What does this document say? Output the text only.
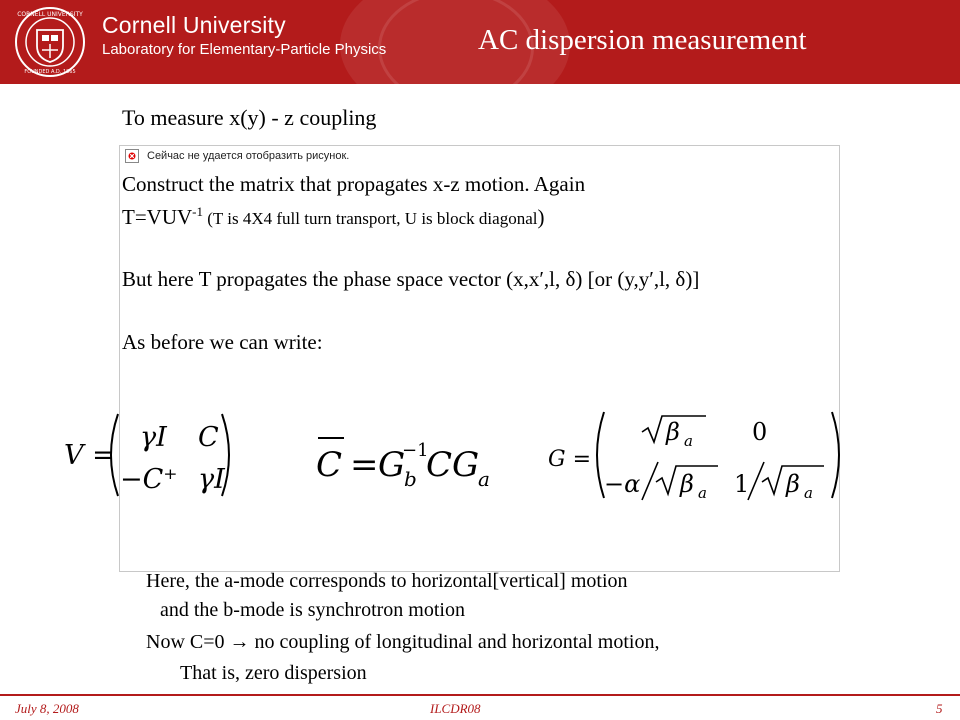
CORNELL UNIVERSITY
FOUNDED A.D. 1865
Cornell University
Laboratory for Elementary-Particle Physics	AC dispersion measurement
To measure x(y) - z coupling
Сейчас не удается отобразить рисунок.
Construct the matrix that propagates x-z motion. Again
$T=VUV^{-1}$ (T is 4X4 full turn transport, U is block diagonal)
But here T propagates the phase space vector (x,x′,l, δ) [or (y,y′,l, δ)]
As before we can write:
V =
γI C
−C⁺ γI	C = G
b
−1
C G
a
G =
β a 0
−α β a 1 β a
Here, the a-mode corresponds to horizontal[vertical] motion
and the b-mode is synchrotron motion
Now C=0 → no coupling of longitudinal and horizontal motion,
That is, zero dispersion
July 8, 2008	ILCDR08	5
